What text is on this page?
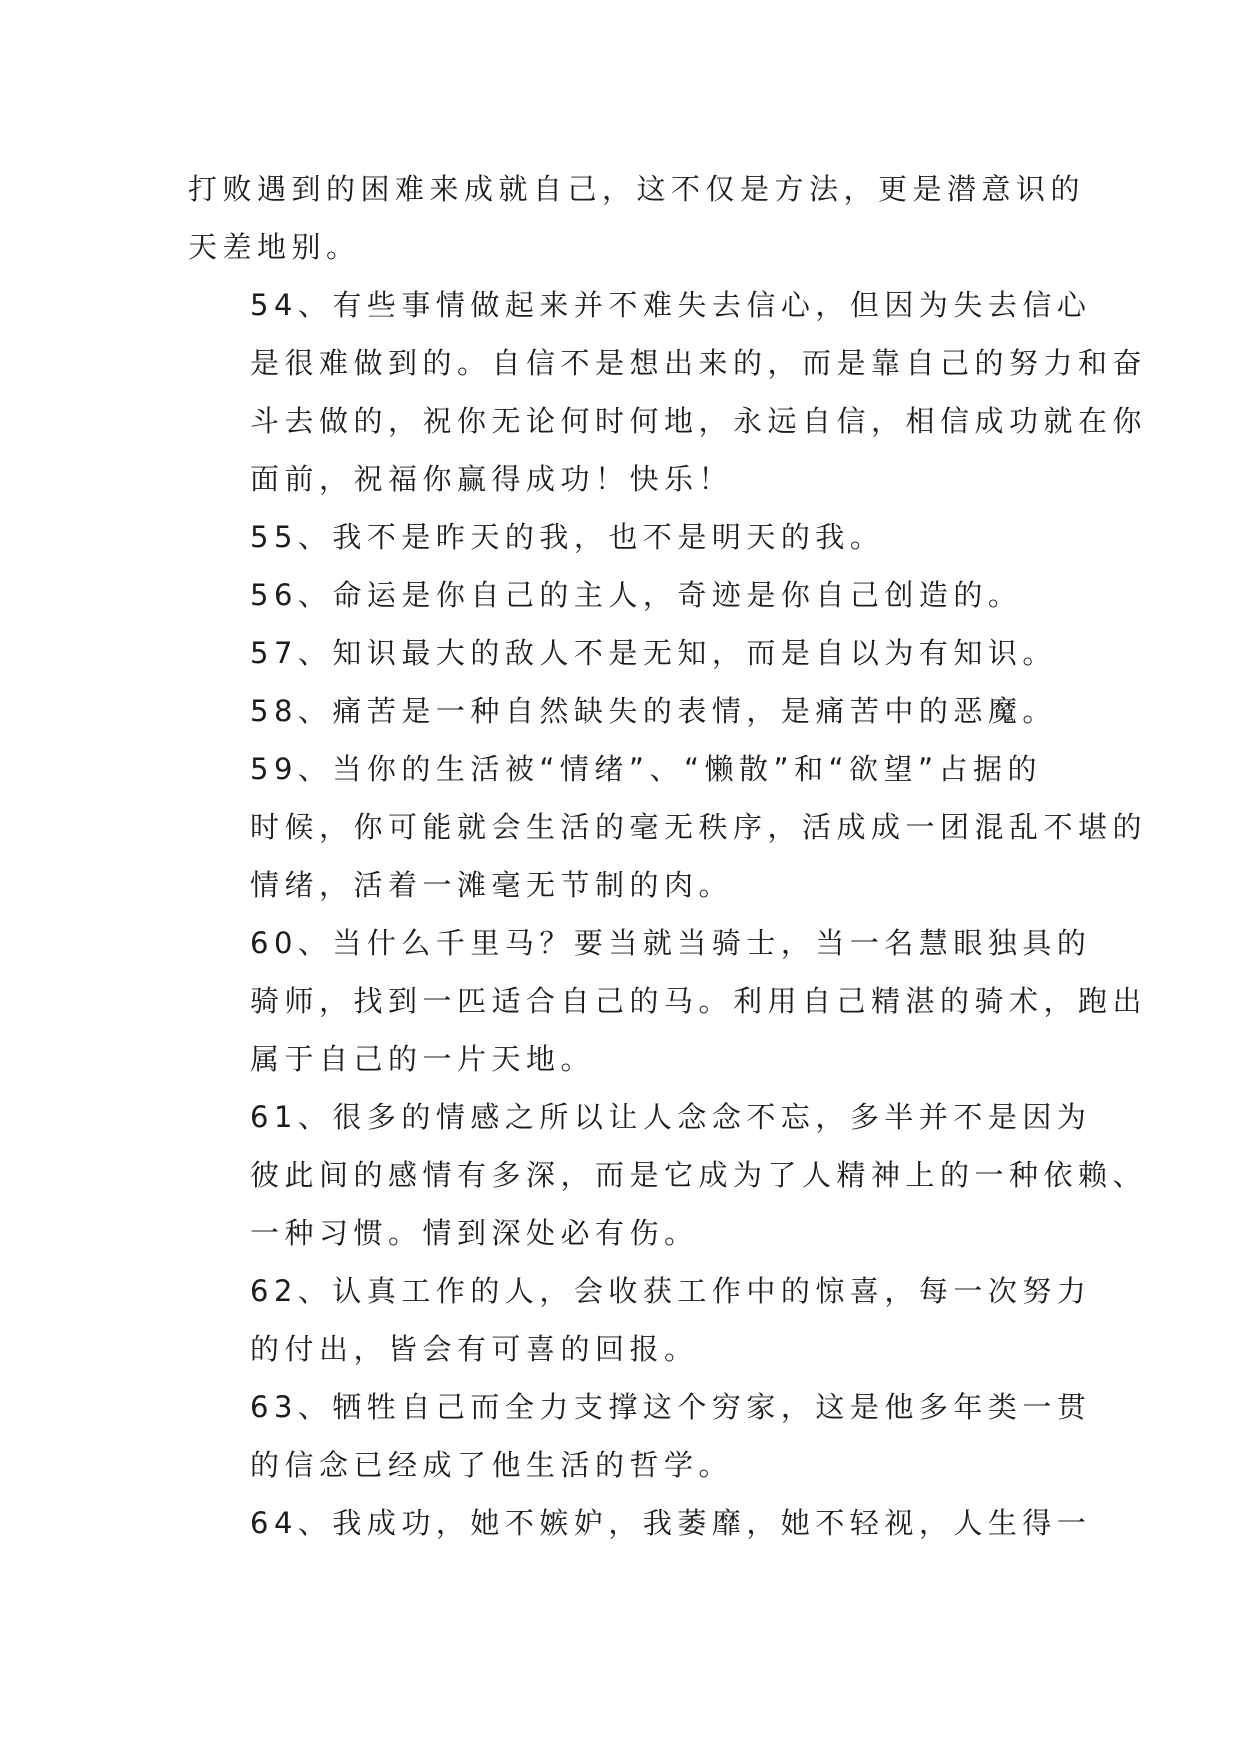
打败遇到的困难来成就自己，这不仅是方法，更是潜意识的
天差地别。

54、有些事情做起来并不难失去信心，但因为失去信心
是很难做到的。自信不是想出来的，而是靠自己的努力和奋
斗去做的，祝你无论何时何地，永远自信，相信成功就在你
面前，祝福你赢得成功！快乐！

55、我不是昨天的我，也不是明天的我。

56、命运是你自己的主人，奇迹是你自己创造的。

57、知识最大的敌人不是无知，而是自以为有知识。

58、痛苦是一种自然缺失的表情，是痛苦中的恶魔。

59、当你的生活被“情绪”、“懒散”和“欲望”占据的
时候，你可能就会生活的毫无秩序，活成成一团混乱不堪的
情绪，活着一滩毫无节制的肉。

60、当什么千里马？要当就当骑士，当一名慧眼独具的
骑师，找到一匹适合自己的马。利用自己精湛的骑术，跑出
属于自己的一片天地。

61、很多的情感之所以让人念念不忘，多半并不是因为
彼此间的感情有多深，而是它成为了人精神上的一种依赖、
一种习惯。情到深处必有伤。

62、认真工作的人，会收获工作中的惊喜，每一次努力
的付出，皆会有可喜的回报。

63、牺牲自己而全力支撑这个穷家，这是他多年类一贯
的信念已经成了他生活的哲学。

64、我成功，她不嫉妒，我萎靡，她不轻视，人生得一
